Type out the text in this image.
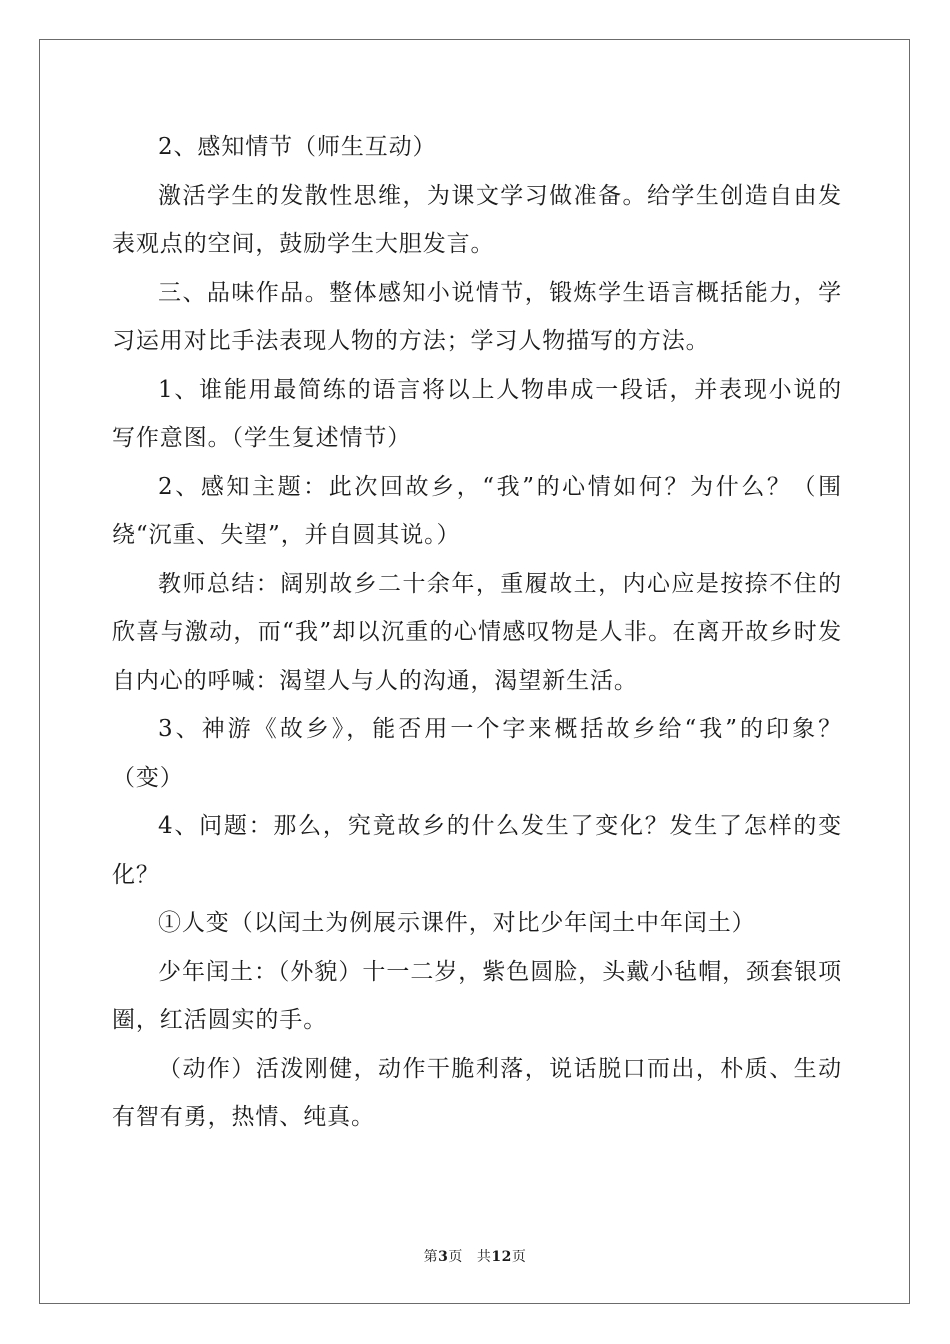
2、感知情节（师生互动）

激活学生的发散性思维，为课文学习做准备。给学生创造自由发表观点的空间，鼓励学生大胆发言。

三、品味作品。整体感知小说情节，锻炼学生语言概括能力，学习运用对比手法表现人物的方法；学习人物描写的方法。

1、谁能用最简练的语言将以上人物串成一段话，并表现小说的写作意图。（学生复述情节）

2、感知主题：此次回故乡，“我”的心情如何？为什么？（围绕“沉重、失望”，并自圆其说。）

教师总结：阔别故乡二十余年，重履故土，内心应是按捺不住的欣喜与激动，而“我”却以沉重的心情感叹物是人非。在离开故乡时发自内心的呼喊：渴望人与人的沟通，渴望新生活。

3、神游《故乡》，能否用一个字来概括故乡给“我”的印象？（变）

4、问题：那么，究竟故乡的什么发生了变化？发生了怎样的变化？

①人变（以闰土为例展示课件，对比少年闰土中年闰土）

少年闰土：（外貌）十一二岁，紫色圆脸，头戴小毡帽，颈套银项圈，红活圆实的手。

（动作）活泼刚健，动作干脆利落，说话脱口而出，朴质、生动有智有勇，热情、纯真。

第3页 共12页
